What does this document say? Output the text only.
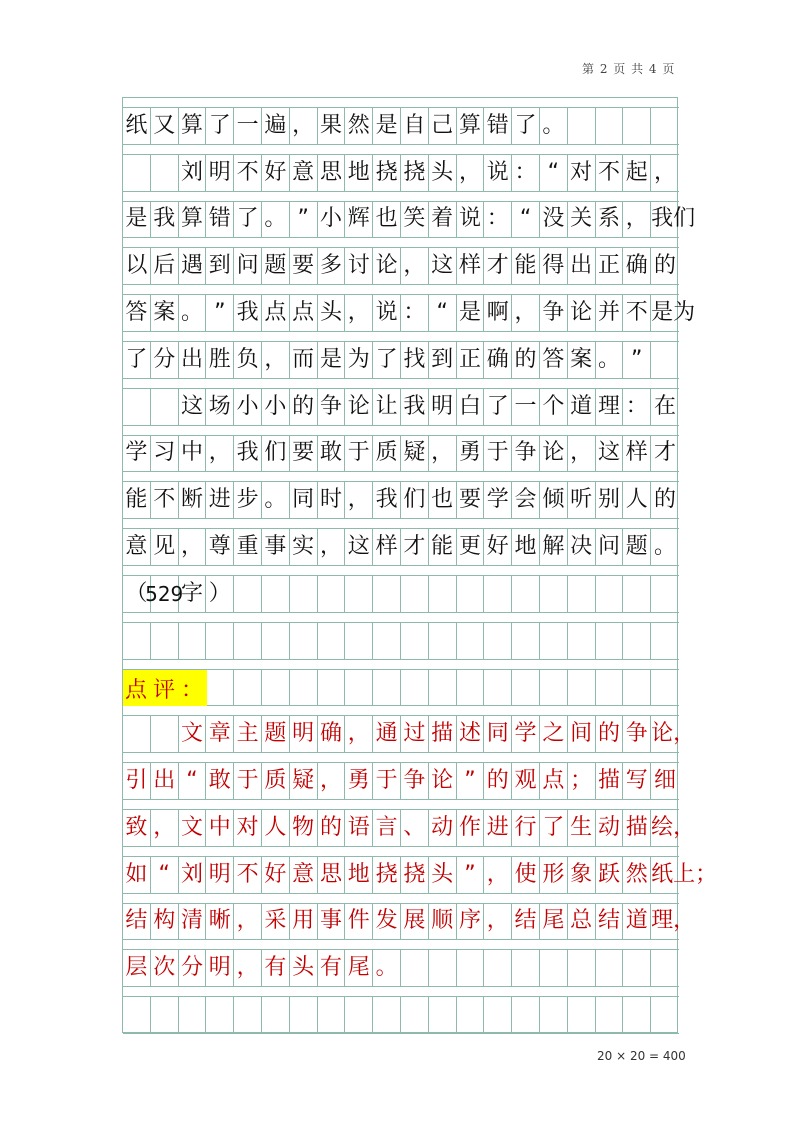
第 2 页 共 4 页
纸 又 算 了 一 遍 ， 果 然 是 自 己 算 错 了 。
刘 明 不 好 意 思 地 挠 挠 头 ， 说 ： “ 对 不 起 ，
是 我 算 错 了 。 ” 小 辉 也 笑 着 说 ： “ 没 关 系 ， 我们
以 后 遇 到 问 题 要 多 讨 论 ， 这 样 才 能 得 出 正 确 的
答 案 。 ” 我 点 点 头 ， 说 ： “ 是 啊 ， 争 论 并 不 是为
了 分 出 胜 负 ， 而 是 为 了 找 到 正 确 的 答 案 。 ”
这 场 小 小 的 争 论 让 我 明 白 了 一 个 道 理 ： 在
学 习 中 ， 我 们 要 敢 于 质 疑 ， 勇 于 争 论 ， 这 样 才
能 不 断 进 步 。 同 时 ， 我 们 也 要 学 会 倾 听 别 人 的
意 见 ， 尊 重 事 实 ， 这 样 才 能 更 好 地 解 决 问 题 。
（
529
字 ）
点评：
文 章 主 题 明 确 ， 通 过 描 述 同 学 之 间 的 争 论，
引 出 “ 敢 于 质 疑 ， 勇 于 争 论 ” 的 观 点 ； 描 写 细
致 ， 文 中 对 人 物 的 语 言 、 动 作 进 行 了 生 动 描 绘，
如 “ 刘 明 不 好 意 思 地 挠 挠 头 ” ， 使 形 象 跃 然 纸上；
结 构 清 晰 ， 采 用 事 件 发 展 顺 序 ， 结 尾 总 结 道 理，
层 次 分 明 ， 有 头 有 尾 。
20 × 20 = 400
